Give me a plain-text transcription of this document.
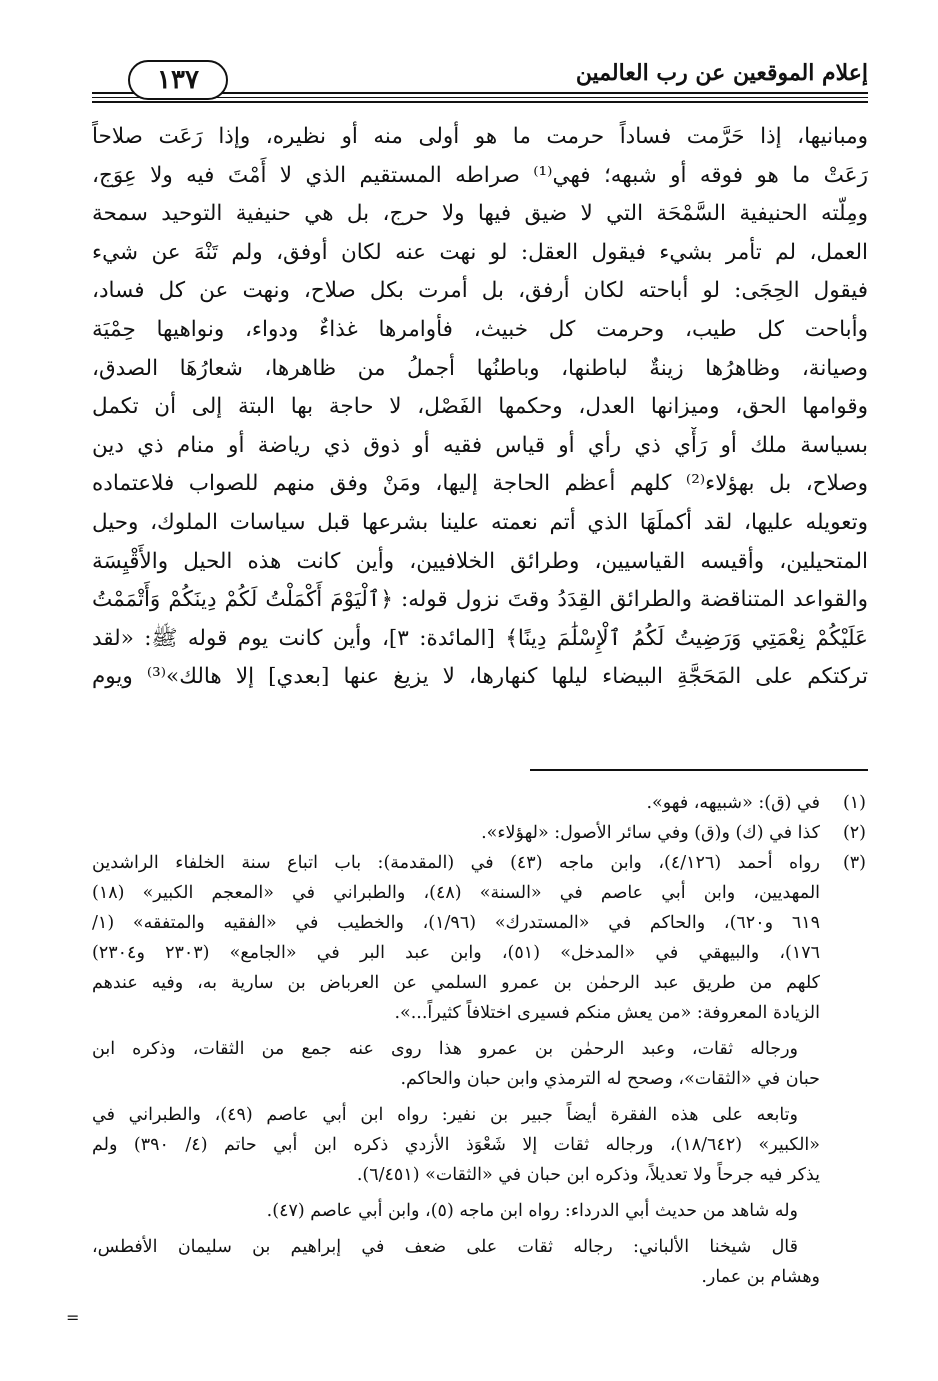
إعلام الموقعين عن رب العالمين
١٣٧
ومبانيها، إذا حَرَّمت فساداً حرمت ما هو أولى منه أو نظيره، وإذا رَعَت صلاحاً
رَعَتْ ما هو فوقه أو شبهه؛ فهي⁽¹⁾ صراطه المستقيم الذي لا أَمْتَ فيه ولا عِوَج،
ومِلّته الحنيفية السَّمْحَة التي لا ضيق فيها ولا حرج، بل هي حنيفية التوحيد سمحة
العمل، لم تأمر بشيء فيقول العقل: لو نهت عنه لكان أوفق، ولم تَنْهَ عن شيء
فيقول الحِجَى: لو أباحته لكان أرفق، بل أمرت بكل صلاح، ونهت عن كل فساد،
وأباحت كل طيب، وحرمت كل خبيث، فأوامرها غذاءٌ ودواء، ونواهيها حِمْيَة
وصيانة، وظاهرُها زينةٌ لباطنها، وباطنُها أجملُ من ظاهرها، شعارُهَا الصدق،
وقوامها الحق، وميزانها العدل، وحكمها الفَصْل، لا حاجة بها البتة إلى أن تكمل
بسياسة ملك أو رَأْي ذي رأي أو قياس فقيه أو ذوق ذي رياضة أو منام ذي دين
وصلاح، بل بهؤلاء⁽²⁾ كلهم أعظم الحاجة إليها، ومَنْ وفق منهم للصواب فلاعتماده
وتعويله عليها، لقد أكملَهَا الذي أتم نعمته علينا بشرعها قبل سياسات الملوك، وحيل
المتحيلين، وأقيسه القياسيين، وطرائق الخلافيين، وأين كانت هذه الحيل والأَقْيِسَة
والقواعد المتناقضة والطرائق القِدَدُ وقتَ نزول قوله: ﴿ٱلْيَوْمَ أَكْمَلْتُ لَكُمْ دِينَكُمْ وَأَتْمَمْتُ
عَلَيْكُمْ نِعْمَتِي وَرَضِيتُ لَكُمُ ٱلْإِسْلَٰمَ دِينًا﴾ [المائدة: ٣]، وأين كانت يوم قوله ﷺ: «لقد
تركتكم على المَحَجَّةِ البيضاء ليلها كنهارها، لا يزيغ عنها [بعدي] إلا هالك»⁽³⁾ ويوم
(١)
في (ق): «شبيهه، فهو».
(٢)
كذا في (ك) و(ق) وفي سائر الأصول: «لهؤلاء».
(٣)
رواه أحمد (٤/١٢٦)، وابن ماجه (٤٣) في (المقدمة): باب اتباع سنة الخلفاء الراشدين
المهديين، وابن أبي عاصم في «السنة» (٤٨)، والطبراني في «المعجم الكبير» (١٨)
٦١٩ و٦٢٠)، والحاكم في «المستدرك» (١/٩٦)، والخطيب في «الفقيه والمتفقه» (١/
١٧٦)، والبيهقي في «المدخل» (٥١)، وابن عبد البر في «الجامع» (٢٣٠٣ و٢٣٠٤)
كلهم من طريق عبد الرحمٰن بن عمرو السلمي عن العرباض بن سارية به، وفيه عندهم
الزيادة المعروفة: «من يعش منكم فسيرى اختلافاً كثيراً...».
ورجاله ثقات، وعبد الرحمٰن بن عمرو هذا روى عنه جمع من الثقات، وذكره ابن
حبان في «الثقات»، وصحح له الترمذي وابن حبان والحاكم.
وتابعه على هذه الفقرة أيضاً جبير بن نفير: رواه ابن أبي عاصم (٤٩)، والطبراني في
«الكبير» (١٨/٦٤٢)، ورجاله ثقات إلا شَعْوَذ الأزدي ذكره ابن أبي حاتم (٤/ ٣٩٠) ولم
يذكر فيه جرحاً ولا تعديلاً، وذكره ابن حبان في «الثقات» (٦/٤٥١).
وله شاهد من حديث أبي الدرداء: رواه ابن ماجه (٥)، وابن أبي عاصم (٤٧).
قال شيخنا الألباني: رجاله ثقات على ضعف في إبراهيم بن سليمان الأفطس،
وهشام بن عمار.
=
